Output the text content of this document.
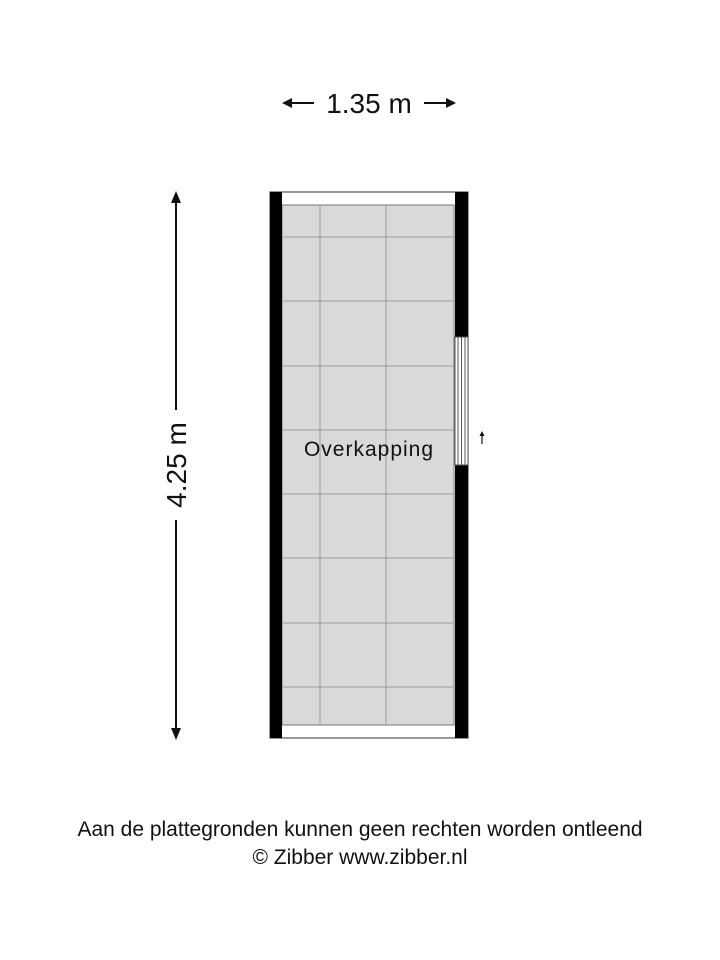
1.35 m
4.25 m	Overkapping
Aan de plattegronden kunnen geen rechten worden ontleend
© Zibber www.zibber.nl
